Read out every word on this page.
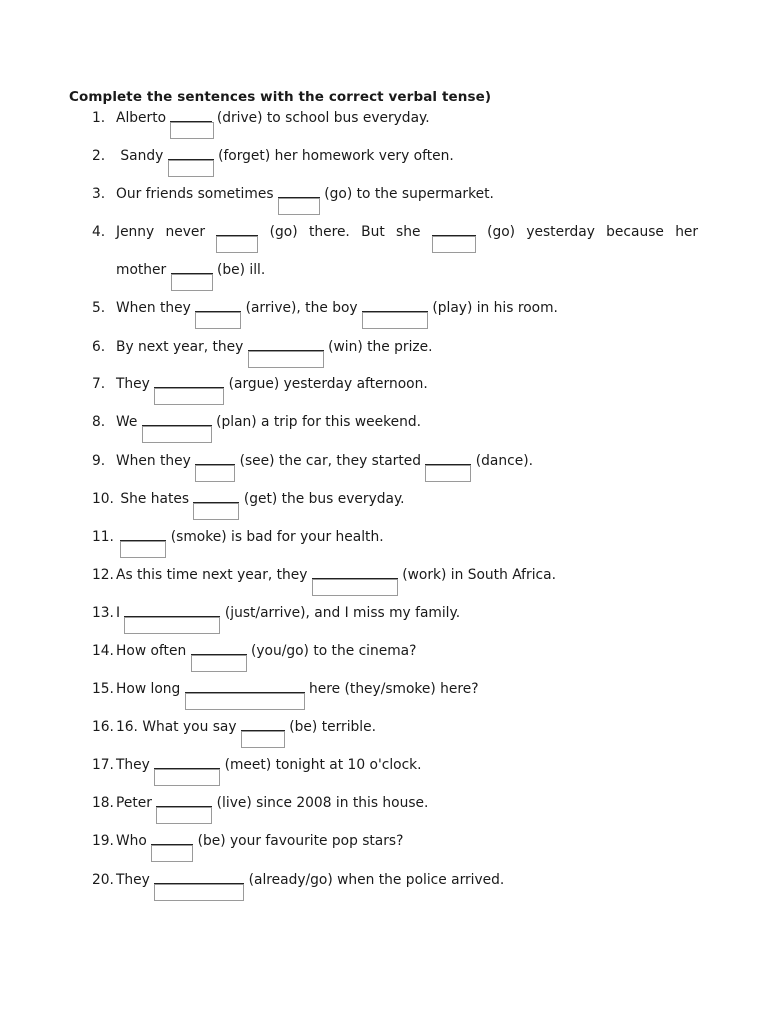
Complete the sentences with the correct verbal tense)
1. Alberto	(drive) to school bus everyday.
2. Sandy	(forget) her homework very often.
3. Our friends sometimes	(go) to the supermarket.
4. Jenny never	(go) there. But she	(go) yesterday because her
mother	(be) ill.
5. When they	(arrive), the boy	(play) in his room.
6. By next year, they	(win) the prize.
7. They	(argue) yesterday afternoon.
8. We	(plan) a trip for this weekend.
9. When they	(see) the car, they started	(dance).
10. She hates	(get) the bus everyday.
11.	(smoke) is bad for your health.
12. As this time next year, they	(work) in South Africa.
13. I	(just/arrive), and I miss my family.
14. How often	(you/go) to the cinema?
15. How long	here (they/smoke) here?
16. 16. What you say	(be) terrible.
17. They	(meet) tonight at 10 o'clock.
18. Peter	(live) since 2008 in this house.
19. Who	(be) your favourite pop stars?
20. They	(already/go) when the police arrived.
